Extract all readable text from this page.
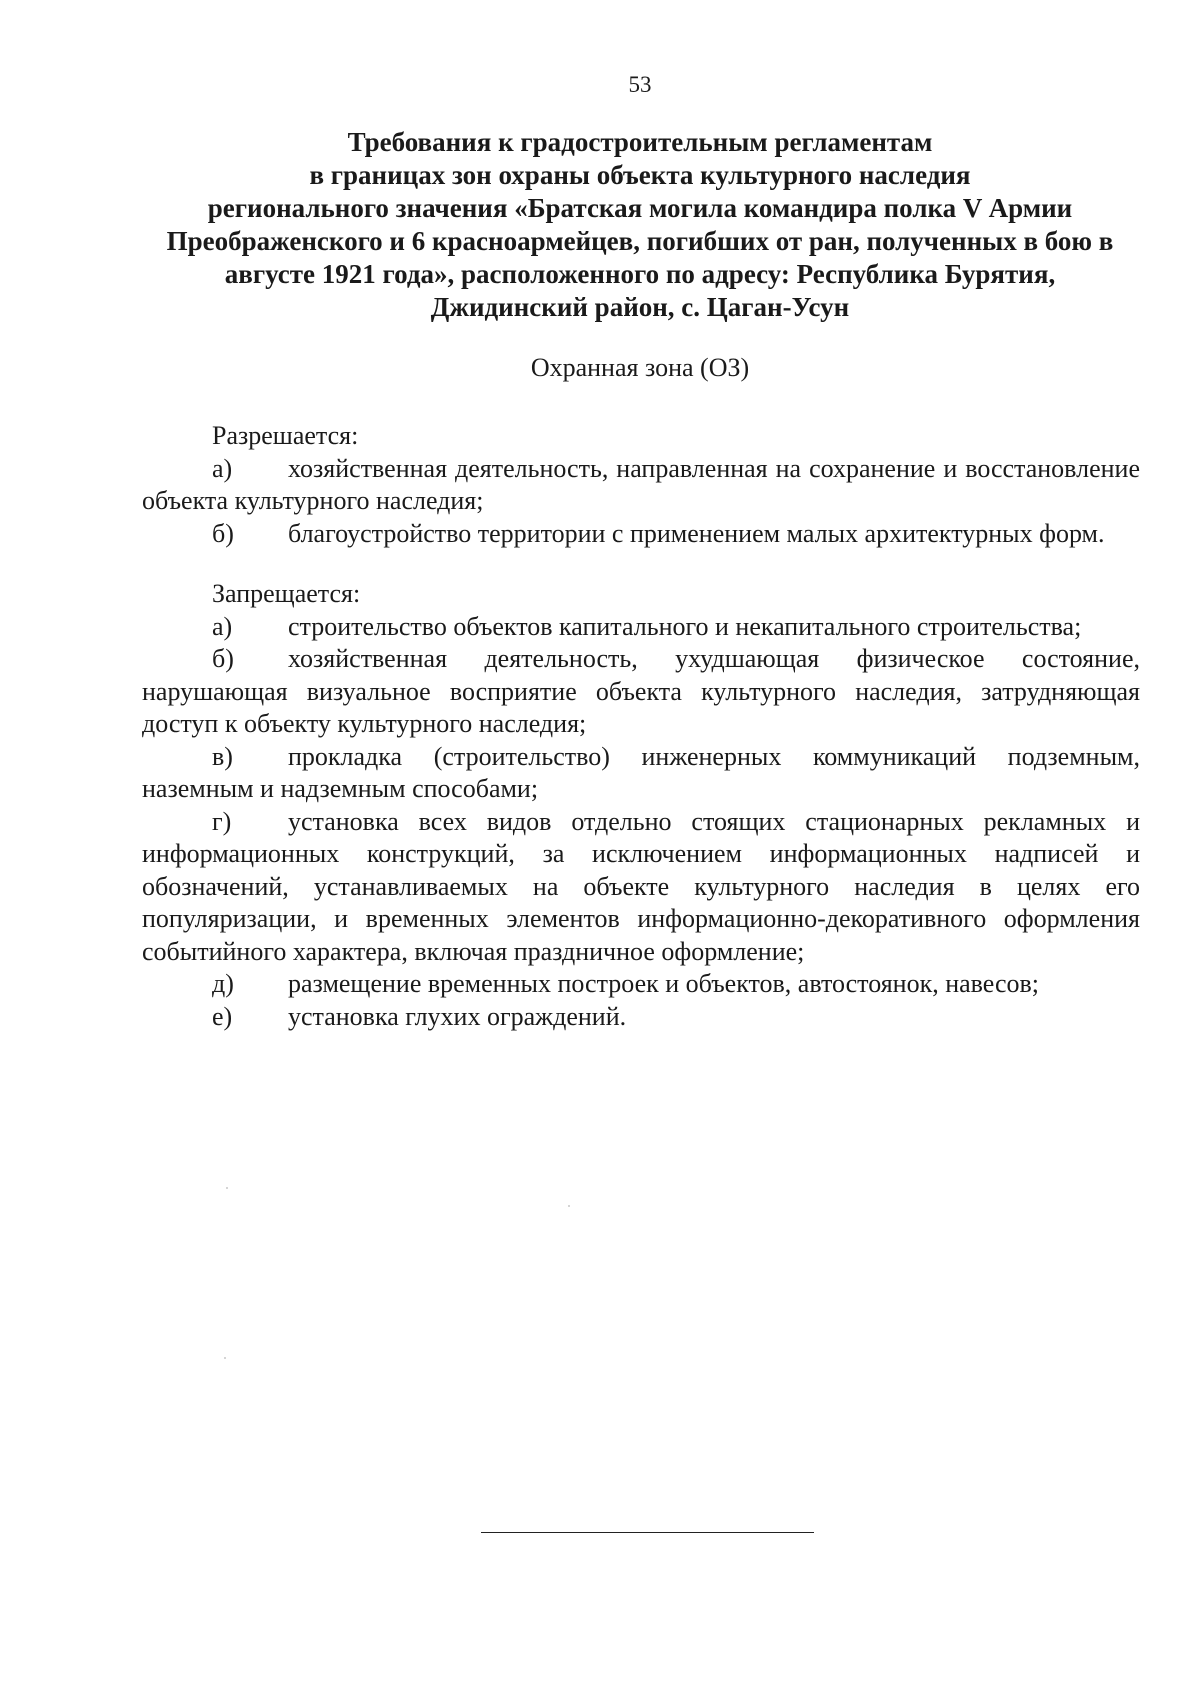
53
Требования к градостроительным регламентам
в границах зон охраны объекта культурного наследия
регионального значения «Братская могила командира полка V Армии
Преображенского и 6 красноармейцев, погибших от ран, полученных в бою в
августе 1921 года», расположенного по адресу: Республика Бурятия,
Джидинский район, с. Цаган-Усун
Охранная зона (ОЗ)
Разрешается:
а) хозяйственная деятельность, направленная на сохранение и восстановление объекта культурного наследия;
б) благоустройство территории с применением малых архитектурных форм.
Запрещается:
а) строительство объектов капитального и некапитального строительства;
б) хозяйственная деятельность, ухудшающая физическое состояние, нарушающая визуальное восприятие объекта культурного наследия, затрудняющая доступ к объекту культурного наследия;
в) прокладка (строительство) инженерных коммуникаций подземным, наземным и надземным способами;
г) установка всех видов отдельно стоящих стационарных рекламных и информационных конструкций, за исключением информационных надписей и обозначений, устанавливаемых на объекте культурного наследия в целях его популяризации, и временных элементов информационно-декоративного оформления событийного характера, включая праздничное оформление;
д) размещение временных построек и объектов, автостоянок, навесов;
е) установка глухих ограждений.
